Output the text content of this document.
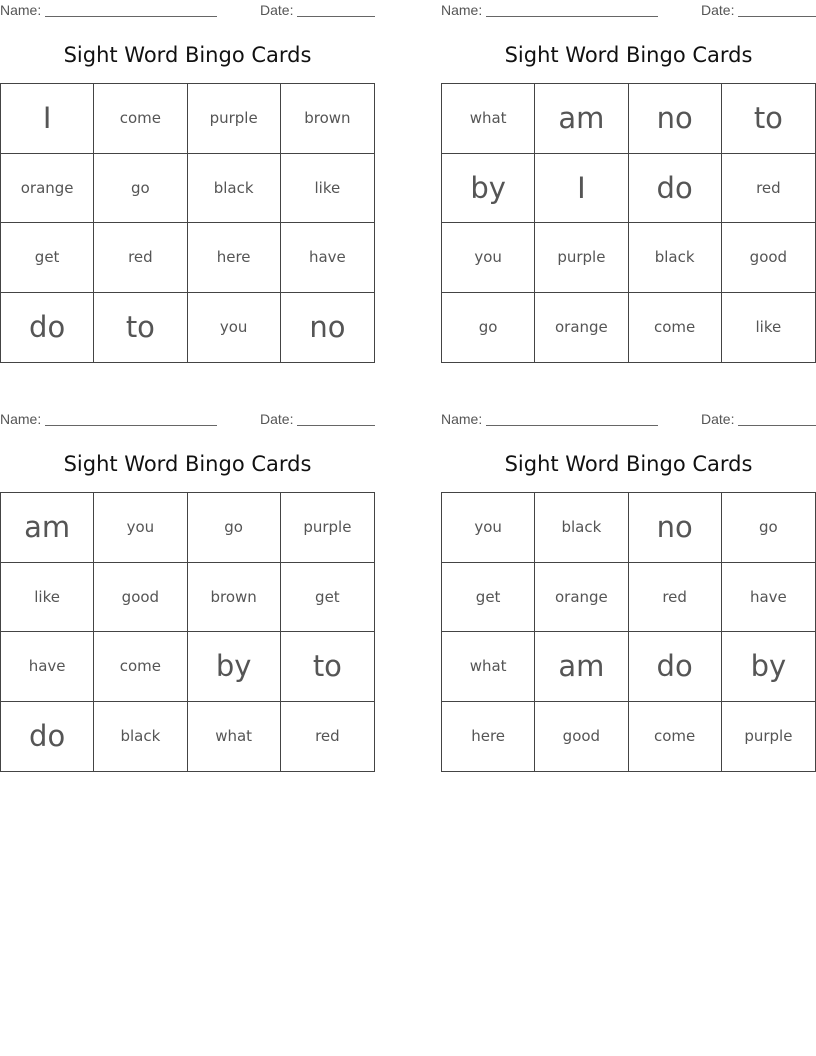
Name:	Date:
Sight Word Bingo Cards
I	come	purple	brown
orange	go	black	like
get	red	here	have
do	to	you	no
Name:	Date:
Sight Word Bingo Cards
what	am	no	to
by	I	do	red
you	purple	black	good
go	orange	come	like
Name:	Date:
Sight Word Bingo Cards
am	you	go	purple
like	good	brown	get
have	come	by	to
do	black	what	red
Name:	Date:
Sight Word Bingo Cards
you	black	no	go
get	orange	red	have
what	am	do	by
here	good	come	purple
